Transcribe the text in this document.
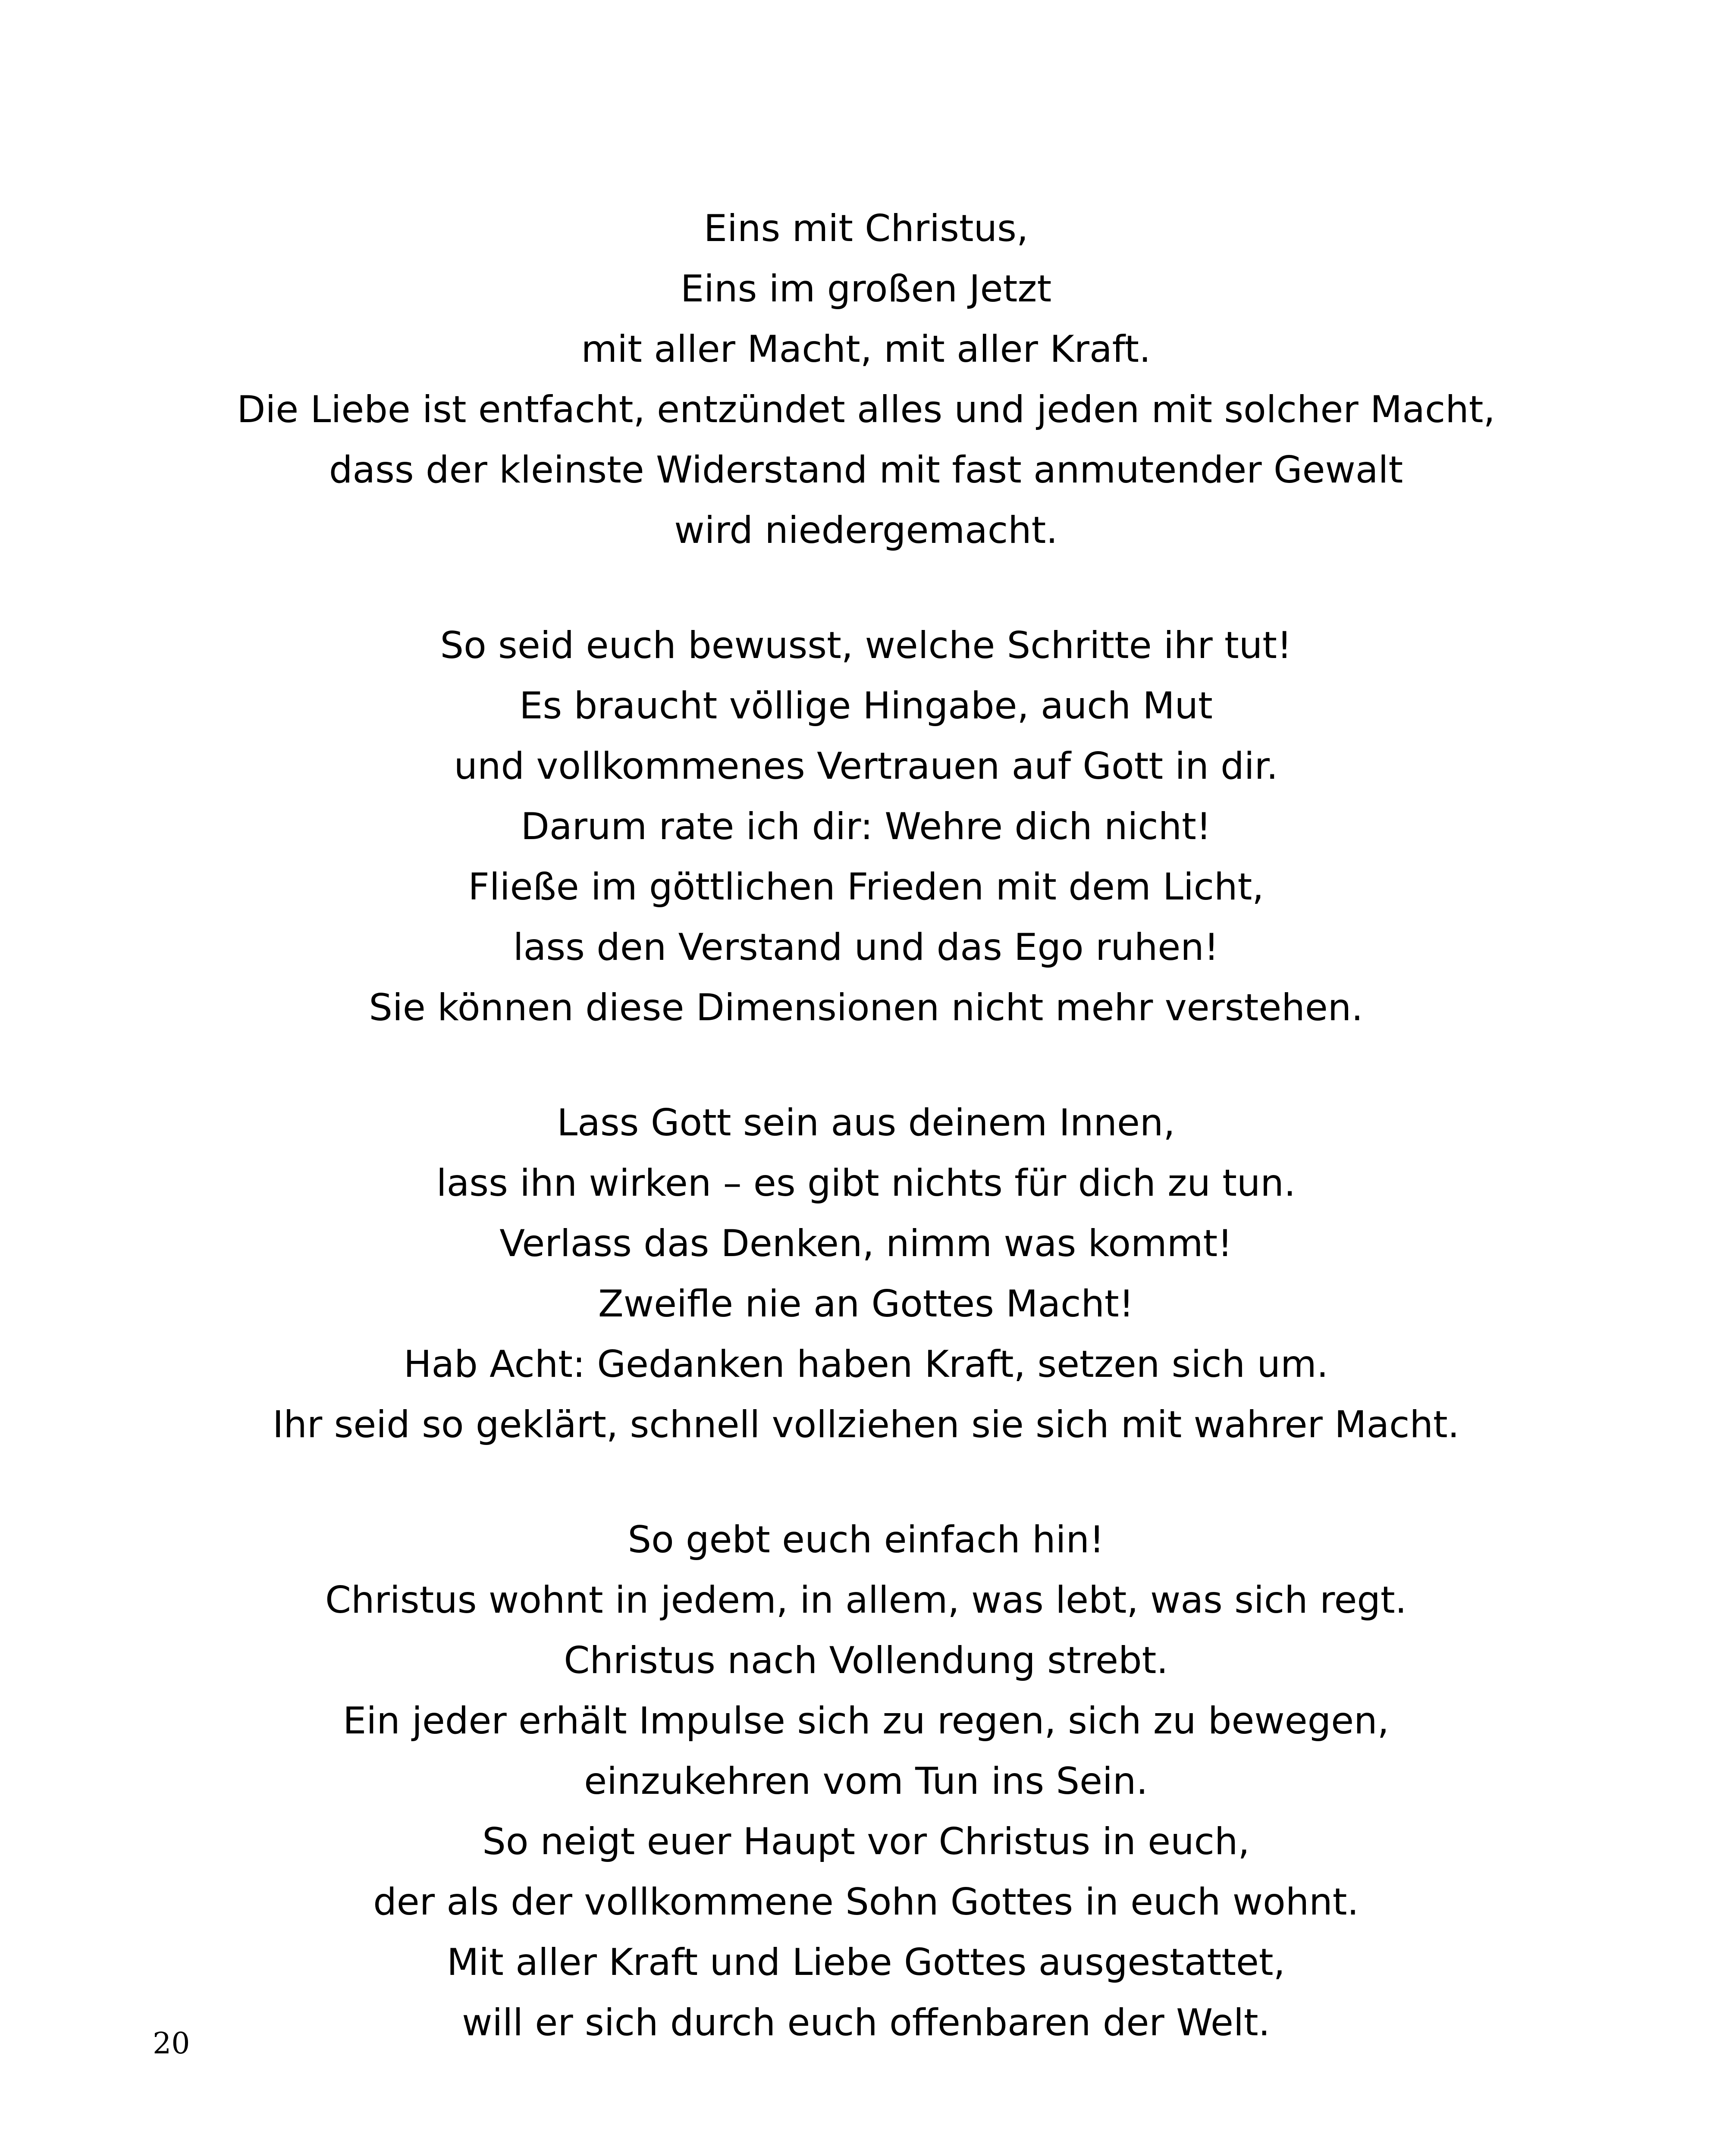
Eins mit Christus,
Eins im großen Jetzt
mit aller Macht, mit aller Kraft.
Die Liebe ist entfacht, entzündet alles und jeden mit solcher Macht,
dass der kleinste Widerstand mit fast anmutender Gewalt
wird niedergemacht.
So seid euch bewusst, welche Schritte ihr tut!
Es braucht völlige Hingabe, auch Mut
und vollkommenes Vertrauen auf Gott in dir.
Darum rate ich dir: Wehre dich nicht!
Fließe im göttlichen Frieden mit dem Licht,
lass den Verstand und das Ego ruhen!
Sie können diese Dimensionen nicht mehr verstehen.
Lass Gott sein aus deinem Innen,
lass ihn wirken – es gibt nichts für dich zu tun.
Verlass das Denken, nimm was kommt!
Zweifle nie an Gottes Macht!
Hab Acht: Gedanken haben Kraft, setzen sich um.
Ihr seid so geklärt, schnell vollziehen sie sich mit wahrer Macht.
So gebt euch einfach hin!
Christus wohnt in jedem, in allem, was lebt, was sich regt.
Christus nach Vollendung strebt.
Ein jeder erhält Impulse sich zu regen, sich zu bewegen,
einzukehren vom Tun ins Sein.
So neigt euer Haupt vor Christus in euch,
der als der vollkommene Sohn Gottes in euch wohnt.
Mit aller Kraft und Liebe Gottes ausgestattet,
will er sich durch euch offenbaren der Welt.
20
